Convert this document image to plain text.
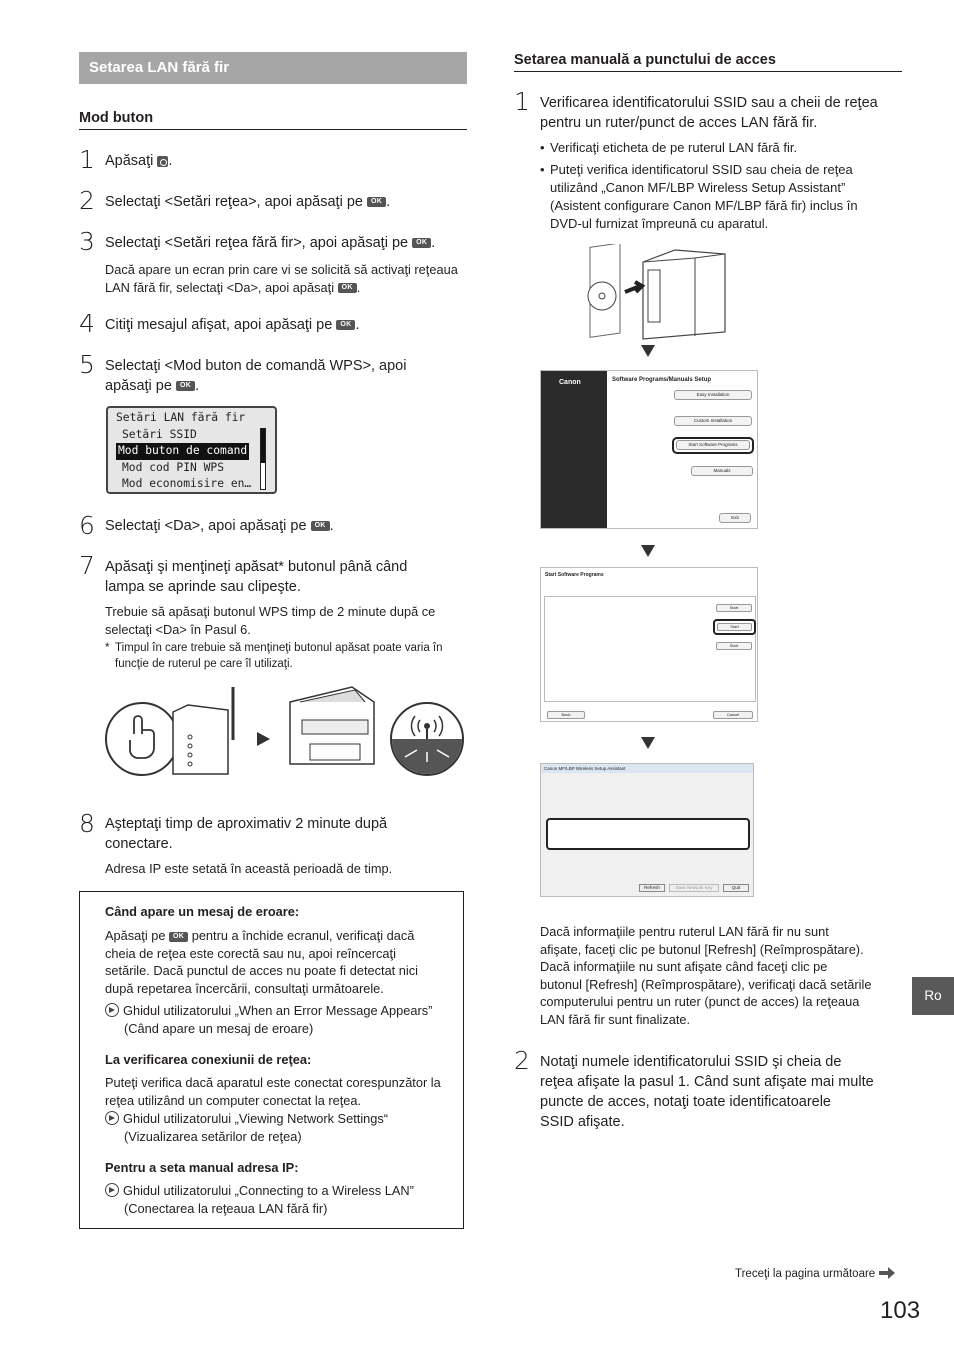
Setarea LAN fără fir
Mod buton
1 Apăsaţi .
2 Selectaţi <Setări reţea>, apoi apăsaţi pe OK .
3 Selectaţi <Setări reţea fără fir>, apoi apăsaţi pe OK .
Dacă apare un ecran prin care vi se solicită să activaţi reţeaua LAN fără fir, selectaţi <Da>, apoi apăsaţi OK .
4 Citiţi mesajul afişat, apoi apăsaţi pe OK .
5 Selectaţi <Mod buton de comandă WPS>, apoi
apăsaţi pe OK .
Setări LAN fără fir
Setări SSID
Mod buton de comand
Mod cod PIN WPS
Mod economisire en…
6 Selectaţi <Da>, apoi apăsaţi pe OK .
7 Apăsaţi şi menţineţi apăsat* butonul până când
lampa se aprinde sau clipeşte.
Trebuie să apăsaţi butonul WPS timp de 2 minute după ce
selectaţi <Da> în Pasul 6.
* Timpul în care trebuie să menţineţi butonul apăsat poate varia în
funcţie de ruterul pe care îl utilizaţi.
8 Aşteptaţi timp de aproximativ 2 minute după
conectare.
Adresa IP este setată în această perioadă de timp.
Când apare un mesaj de eroare:
Apăsaţi pe OK pentru a închide ecranul, verificaţi dacă
cheia de reţea este corectă sau nu, apoi reîncercaţi
setările. Dacă punctul de acces nu poate fi detectat nici
după repetarea încercării, consultaţi următoarele.
Ghidul utilizatorului „When an Error Message Appears”
(Când apare un mesaj de eroare)
La verificarea conexiunii de reţea:
Puteţi verifica dacă aparatul este conectat corespunzător la
reţea utilizând un computer conectat la reţea.
Ghidul utilizatorului „Viewing Network Settings“
(Vizualizarea setărilor de reţea)
Pentru a seta manual adresa IP:
Ghidul utilizatorului „Connecting to a Wireless LAN”
(Conectarea la reţeaua LAN fără fir)
Setarea manuală a punctului de acces
1 Verificarea identificatorului SSID sau a cheii de reţea
pentru un ruter/punct de acces LAN fără fir.
• Verificaţi eticheta de pe ruterul LAN fără fir.
• Puteţi verifica identificatorul SSID sau cheia de reţea
utilizând „Canon MF/LBP Wireless Setup Assistant”
(Asistent configurare Canon MF/LBP fără fir) inclus în
DVD-ul furnizat împreună cu aparatul.
Canon	Software Programs/Manuals Setup
Easy Installation
Custom Installation
Start Software Programs
Manuals
Exit
Start Software Programs
Start
Start
Start
Back	Cancel
Canon MF/LBP Wireless Setup Assistant
Refresh	Save Network Key	Quit
Dacă informaţiile pentru ruterul LAN fără fir nu sunt
afişate, faceţi clic pe butonul [Refresh] (Reîmprospătare).
Dacă informaţiile nu sunt afişate când faceţi clic pe
butonul [Refresh] (Reîmprospătare), verificaţi dacă setările
computerului pentru un ruter (punct de acces) la reţeaua
LAN fără fir sunt finalizate.
2 Notaţi numele identificatorului SSID şi cheia de
reţea afişate la pasul 1. Când sunt afişate mai multe
puncte de acces, notaţi toate identificatoarele
SSID afişate.
Ro
Treceţi la pagina următoare
103
